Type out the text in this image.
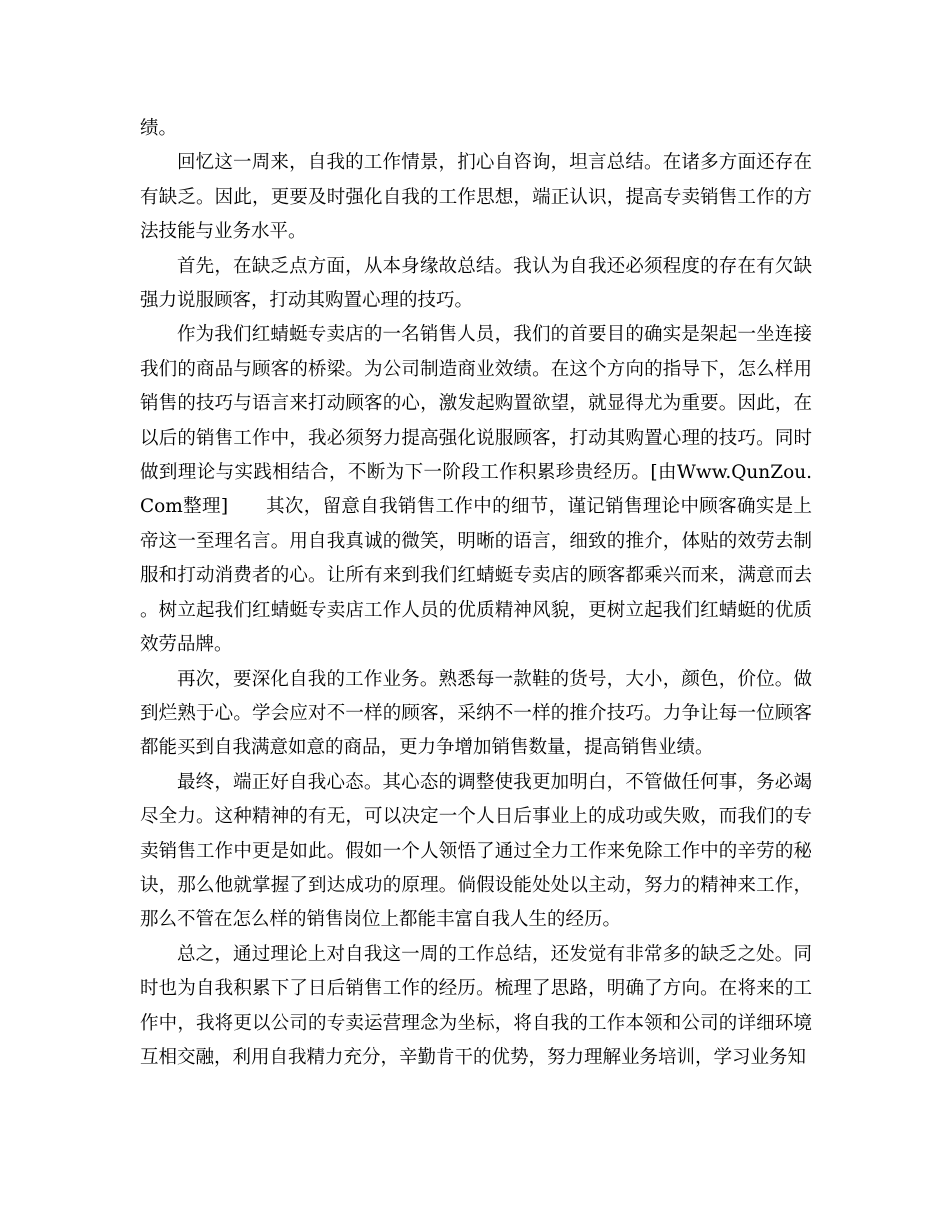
绩。

回忆这一周来，自我的工作情景，扪心自咨询，坦言总结。在诸多方面还存在有缺乏。因此，更要及时强化自我的工作思想，端正认识，提高专卖销售工作的方法技能与业务水平。

首先，在缺乏点方面，从本身缘故总结。我认为自我还必须程度的存在有欠缺强力说服顾客，打动其购置心理的技巧。

作为我们红蜻蜓专卖店的一名销售人员，我们的首要目的确实是架起一坐连接我们的商品与顾客的桥梁。为公司制造商业效绩。在这个方向的指导下，怎么样用销售的技巧与语言来打动顾客的心，激发起购置欲望，就显得尤为重要。因此，在以后的销售工作中，我必须努力提高强化说服顾客，打动其购置心理的技巧。同时做到理论与实践相结合，不断为下一阶段工作积累珍贵经历。[由Www.QunZou.Com整理]　　其次，留意自我销售工作中的细节，谨记销售理论中顾客确实是上帝这一至理名言。用自我真诚的微笑，明晰的语言，细致的推介，体贴的效劳去制服和打动消费者的心。让所有来到我们红蜻蜓专卖店的顾客都乘兴而来，满意而去。树立起我们红蜻蜓专卖店工作人员的优质精神风貌，更树立起我们红蜻蜓的优质效劳品牌。

再次，要深化自我的工作业务。熟悉每一款鞋的货号，大小，颜色，价位。做到烂熟于心。学会应对不一样的顾客，采纳不一样的推介技巧。力争让每一位顾客都能买到自我满意如意的商品，更力争增加销售数量，提高销售业绩。

最终，端正好自我心态。其心态的调整使我更加明白，不管做任何事，务必竭尽全力。这种精神的有无，可以决定一个人日后事业上的成功或失败，而我们的专卖销售工作中更是如此。假如一个人领悟了通过全力工作来免除工作中的辛劳的秘诀，那么他就掌握了到达成功的原理。倘假设能处处以主动，努力的精神来工作，那么不管在怎么样的销售岗位上都能丰富自我人生的经历。

总之，通过理论上对自我这一周的工作总结，还发觉有非常多的缺乏之处。同时也为自我积累下了日后销售工作的经历。梳理了思路，明确了方向。在将来的工作中，我将更以公司的专卖运营理念为坐标，将自我的工作本领和公司的详细环境互相交融，利用自我精力充分，辛勤肯干的优势，努力理解业务培训，学习业务知
